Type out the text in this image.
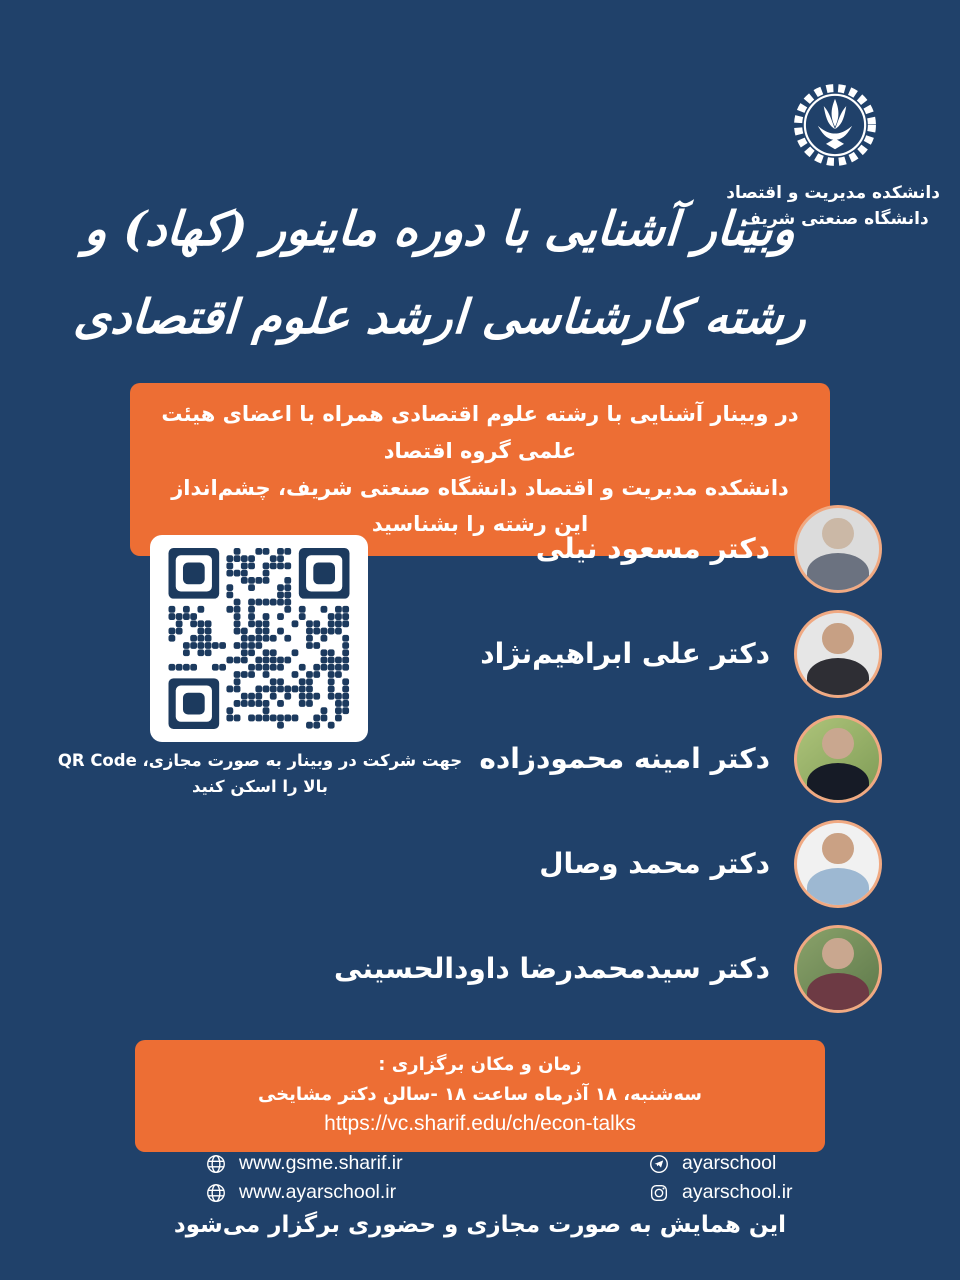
دانشکده مدیریت و اقتصاد
دانشگاه صنعتی شریف
وبینار آشنایی با دوره ماینور (کهاد) و
رشته کارشناسی ارشد علوم اقتصادی
در وبینار آشنایی با رشته علوم اقتصادی همراه با اعضای هیئت علمی گروه اقتصاد
دانشکده مدیریت و اقتصاد دانشگاه صنعتی شریف، چشم‌انداز این رشته را بشناسید
جهت شرکت در وبینار به صورت مجازی، QR Code بالا را اسکن کنید
دکتر مسعود نیلی
دکتر علی ابراهیم‌نژاد
دکتر امینه محمودزاده
دکتر محمد وصال
دکتر سیدمحمدرضا داودالحسینی
زمان و مکان برگزاری :
سه‌شنبه، ۱۸ آذرماه ساعت ۱۸ -سالن دکتر مشایخی
https://vc.sharif.edu/ch/econ-talks
www.gsme.sharif.ir
www.ayarschool.ir
ayarschool
ayarschool.ir
این همایش به صورت مجازی و حضوری برگزار می‌شود
